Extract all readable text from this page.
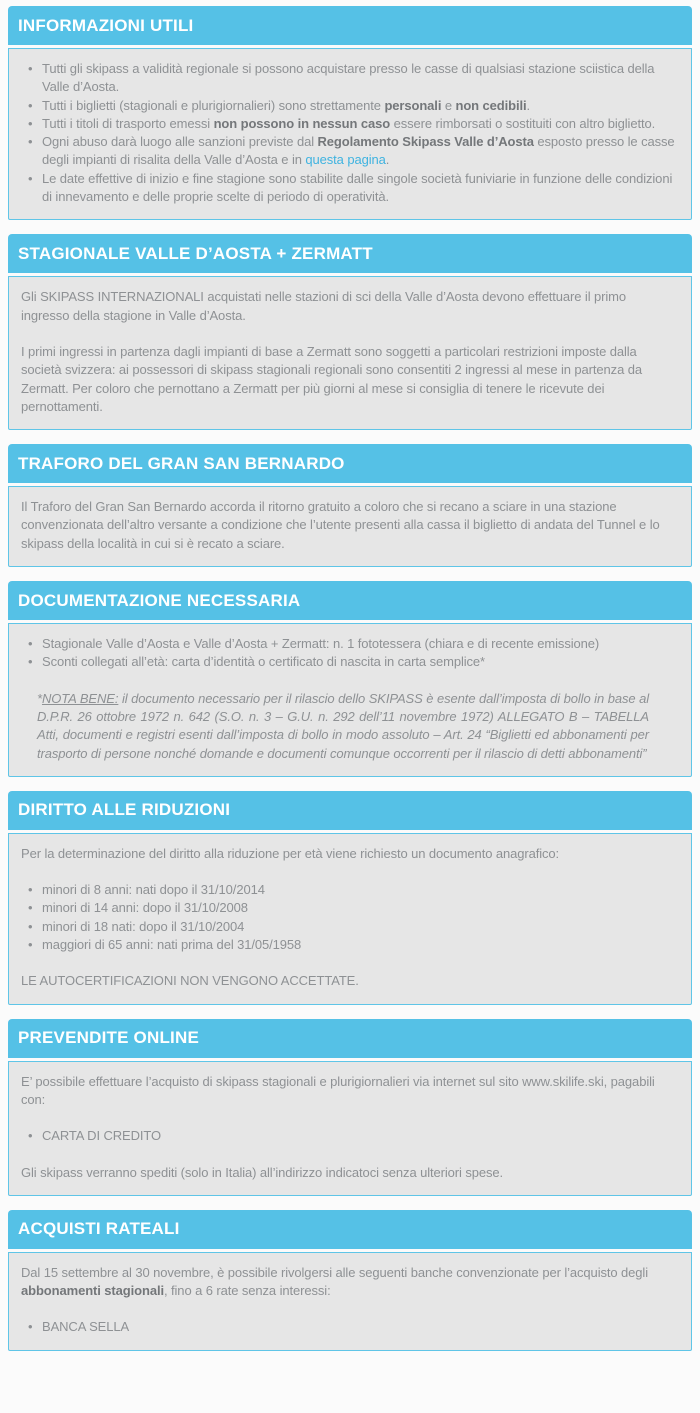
INFORMAZIONI UTILI
• Tutti gli skipass a validità regionale si possono acquistare presso le casse di qualsiasi stazione sciistica della Valle d’Aosta.
• Tutti i biglietti (stagionali e plurigiornalieri) sono strettamente personali e non cedibili.
• Tutti i titoli di trasporto emessi non possono in nessun caso essere rimborsati o sostituiti con altro biglietto.
• Ogni abuso darà luogo alle sanzioni previste dal Regolamento Skipass Valle d’Aosta esposto presso le casse degli impianti di risalita della Valle d’Aosta e in questa pagina.
• Le date effettive di inizio e fine stagione sono stabilite dalle singole società funiviarie in funzione delle condizioni di innevamento e delle proprie scelte di periodo di operatività.
STAGIONALE VALLE D’AOSTA + ZERMATT

Gli SKIPASS INTERNAZIONALI acquistati nelle stazioni di sci della Valle d’Aosta devono effettuare il primo ingresso della stagione in Valle d’Aosta.

I primi ingressi in partenza dagli impianti di base a Zermatt sono soggetti a particolari restrizioni imposte dalla società svizzera: ai possessori di skipass stagionali regionali sono consentiti 2 ingressi al mese in partenza da Zermatt. Per coloro che pernottano a Zermatt per più giorni al mese si consiglia di tenere le ricevute dei pernottamenti.

TRAFORO DEL GRAN SAN BERNARDO

Il Traforo del Gran San Bernardo accorda il ritorno gratuito a coloro che si recano a sciare in una stazione convenzionata dell’altro versante a condizione che l’utente presenti alla cassa il biglietto di andata del Tunnel e lo skipass della località in cui si è recato a sciare.

DOCUMENTAZIONE NECESSARIA
• Stagionale Valle d’Aosta e Valle d’Aosta + Zermatt: n. 1 fototessera (chiara e di recente emissione)
• Sconti collegati all’età: carta d’identità o certificato di nascita in carta semplice*

*NOTA BENE: il documento necessario per il rilascio dello SKIPASS è esente dall’imposta di bollo in base al D.P.R. 26 ottobre 1972 n. 642 (S.O. n. 3 – G.U. n. 292 dell’11 novembre 1972) ALLEGATO B – TABELLA Atti, documenti e registri esenti dall’imposta di bollo in modo assoluto – Art. 24 “Biglietti ed abbonamenti per trasporto di persone nonché domande e documenti comunque occorrenti per il rilascio di detti abbonamenti”

DIRITTO ALLE RIDUZIONI

Per la determinazione del diritto alla riduzione per età viene richiesto un documento anagrafico:

• minori di 8 anni: nati dopo il 31/10/2014
• minori di 14 anni: dopo il 31/10/2008
• minori di 18 nati: dopo il 31/10/2004
• maggiori di 65 anni: nati prima del 31/05/1958

LE AUTOCERTIFICAZIONI NON VENGONO ACCETTATE.

PREVENDITE ONLINE

E’ possibile effettuare l’acquisto di skipass stagionali e plurigiornalieri via internet sul sito www.skilife.ski, pagabili con:

• CARTA DI CREDITO

Gli skipass verranno spediti (solo in Italia) all’indirizzo indicatoci senza ulteriori spese.

ACQUISTI RATEALI

Dal 15 settembre al 30 novembre, è possibile rivolgersi alle seguenti banche convenzionate per l’acquisto degli abbonamenti stagionali, fino a 6 rate senza interessi:

• BANCA SELLA
